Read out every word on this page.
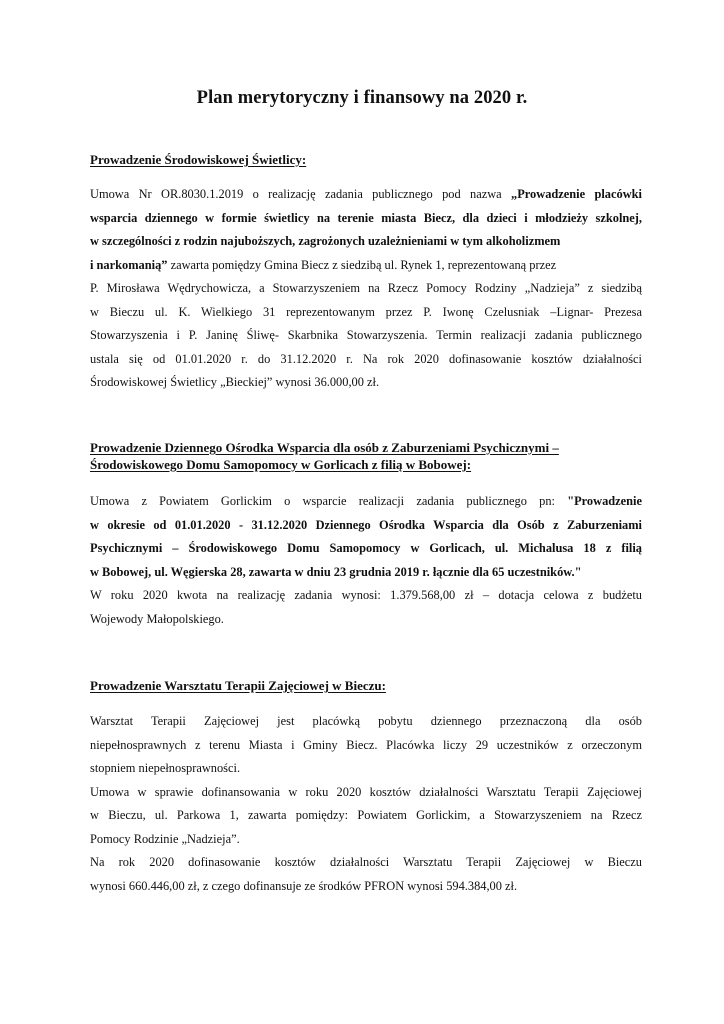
Plan merytoryczny i finansowy na 2020 r.
Prowadzenie Środowiskowej Świetlicy:
Umowa Nr OR.8030.1.2019 o realizację zadania publicznego pod nazwa „Prowadzenie placówki
wsparcia dziennego w formie świetlicy na terenie miasta Biecz, dla dzieci i młodzieży szkolnej,
w szczególności z rodzin najuboższych, zagrożonych uzależnieniami w tym alkoholizmem
i narkomanią” zawarta pomiędzy Gmina Biecz z siedzibą ul. Rynek 1, reprezentowaną przez
P. Mirosława Wędrychowicza, a Stowarzyszeniem na Rzecz Pomocy Rodziny „Nadzieja” z siedzibą
w Bieczu ul. K. Wielkiego 31 reprezentowanym przez P. Iwonę Czelusniak –Lignar- Prezesa
Stowarzyszenia i P. Janinę Śliwę- Skarbnika Stowarzyszenia. Termin realizacji zadania publicznego
ustala się od 01.01.2020 r. do 31.12.2020 r. Na rok 2020 dofinasowanie kosztów działalności
Środowiskowej Świetlicy „Bieckiej” wynosi 36.000,00 zł.
Prowadzenie Dziennego Ośrodka Wsparcia dla osób z Zaburzeniami Psychicznymi –
Środowiskowego Domu Samopomocy w Gorlicach z filią w Bobowej:
Umowa z Powiatem Gorlickim o wsparcie realizacji zadania publicznego pn: "Prowadzenie
w okresie od 01.01.2020 - 31.12.2020 Dziennego Ośrodka Wsparcia dla Osób z Zaburzeniami
Psychicznymi – Środowiskowego Domu Samopomocy w Gorlicach, ul. Michalusa 18 z filią
w Bobowej, ul. Węgierska 28, zawarta w dniu 23 grudnia 2019 r. łącznie dla 65 uczestników."
W roku 2020 kwota na realizację zadania wynosi: 1.379.568,00 zł – dotacja celowa z budżetu
Wojewody Małopolskiego.
Prowadzenie Warsztatu Terapii Zajęciowej w Bieczu:
Warsztat Terapii Zajęciowej jest placówką pobytu dziennego przeznaczoną dla osób
niepełnosprawnych z terenu Miasta i Gminy Biecz. Placówka liczy 29 uczestników z orzeczonym
stopniem niepełnosprawności.
Umowa w sprawie dofinansowania w roku 2020 kosztów działalności Warsztatu Terapii Zajęciowej
w Bieczu, ul. Parkowa 1, zawarta pomiędzy: Powiatem Gorlickim, a Stowarzyszeniem na Rzecz
Pomocy Rodzinie „Nadzieja”.
Na rok 2020 dofinasowanie kosztów działalności Warsztatu Terapii Zajęciowej w Bieczu
wynosi 660.446,00 zł, z czego dofinansuje ze środków PFRON wynosi 594.384,00 zł.
